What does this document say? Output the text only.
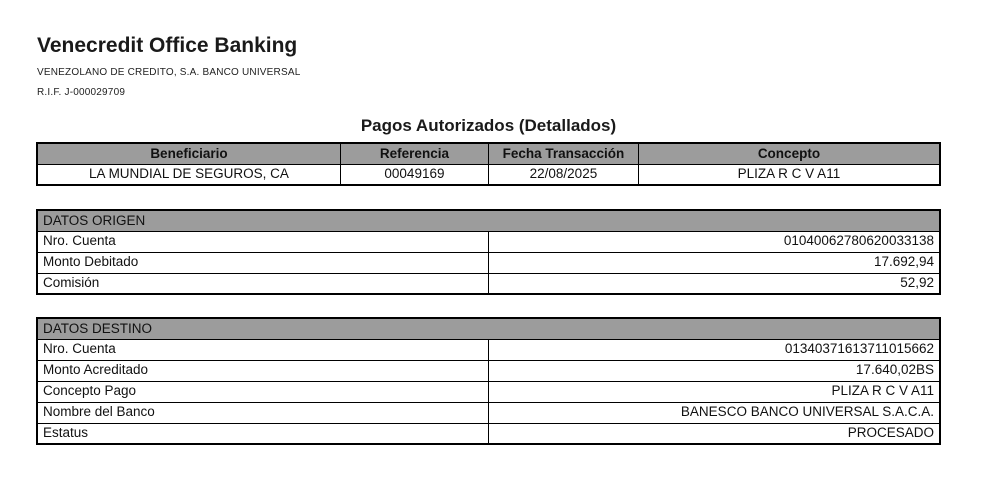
Venecredit Office Banking
VENEZOLANO DE CREDITO, S.A. BANCO UNIVERSAL
R.I.F. J-000029709
Pagos Autorizados (Detallados)
Beneficiario	Referencia	Fecha Transacción	Concepto
LA MUNDIAL DE SEGUROS, CA	00049169	22/08/2025	PLIZA R C V A11
DATOS ORIGEN	
Nro. Cuenta	01040062780620033138
Monto Debitado	17.692,94
Comisión	52,92
DATOS DESTINO	
Nro. Cuenta	01340371613711015662
Monto Acreditado	17.640,02BS
Concepto Pago	PLIZA R C V A11
Nombre del Banco	BANESCO BANCO UNIVERSAL S.A.C.A.
Estatus	PROCESADO
